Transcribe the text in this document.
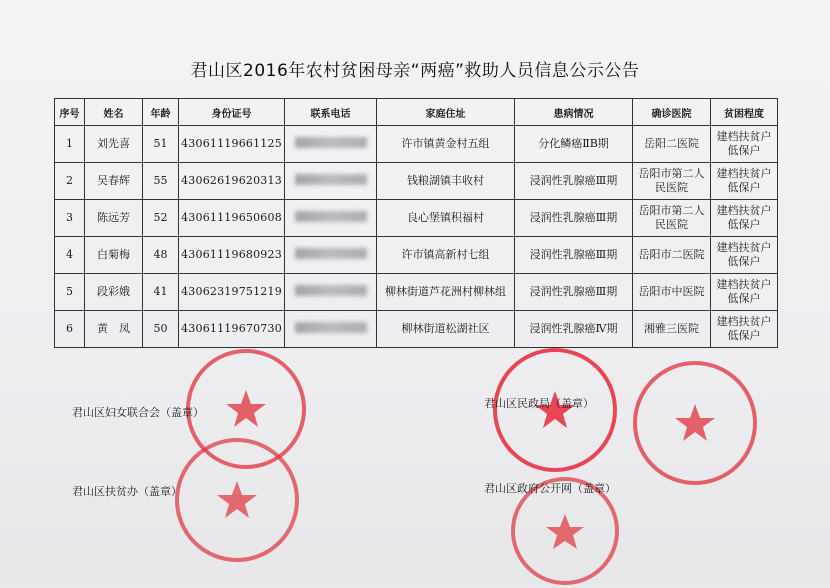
君山区2016年农村贫困母亲“两癌”救助人员信息公示公告
序号	姓名	年龄	身份证号	联系电话	家庭住址	患病情况	确诊医院	贫困程度
1	刘先喜	51	43061119661125		许市镇黄金村五组	分化鳞癌ⅡB期	岳阳二医院	建档扶贫户
低保户

2	吴春辉	55	43062619620313		钱粮湖镇丰收村	浸润性乳腺癌Ⅲ期	岳阳市第二人民医院	建档扶贫户
低保户

3	陈远芳	52	43061119650608		良心堡镇积福村	浸润性乳腺癌Ⅲ期	岳阳市第二人民医院	建档扶贫户
低保户

4	白菊梅	48	43061119680923		许市镇高新村七组	浸润性乳腺癌Ⅲ期	岳阳市二医院	建档扶贫户
低保户

5	段彩娥	41	43062319751219		柳林街道芦花洲村柳林组	浸润性乳腺癌Ⅲ期	岳阳市中医院	建档扶贫户
低保户

6	黄　凤	50	43061119670730		柳林街道松湖社区	浸润性乳腺癌Ⅳ期	湘雅三医院	建档扶贫户
低保户
君山区妇女联合会（盖章）
君山区民政局（盖章）
君山区扶贫办（盖章）	君山区政府公开网（盖章）
